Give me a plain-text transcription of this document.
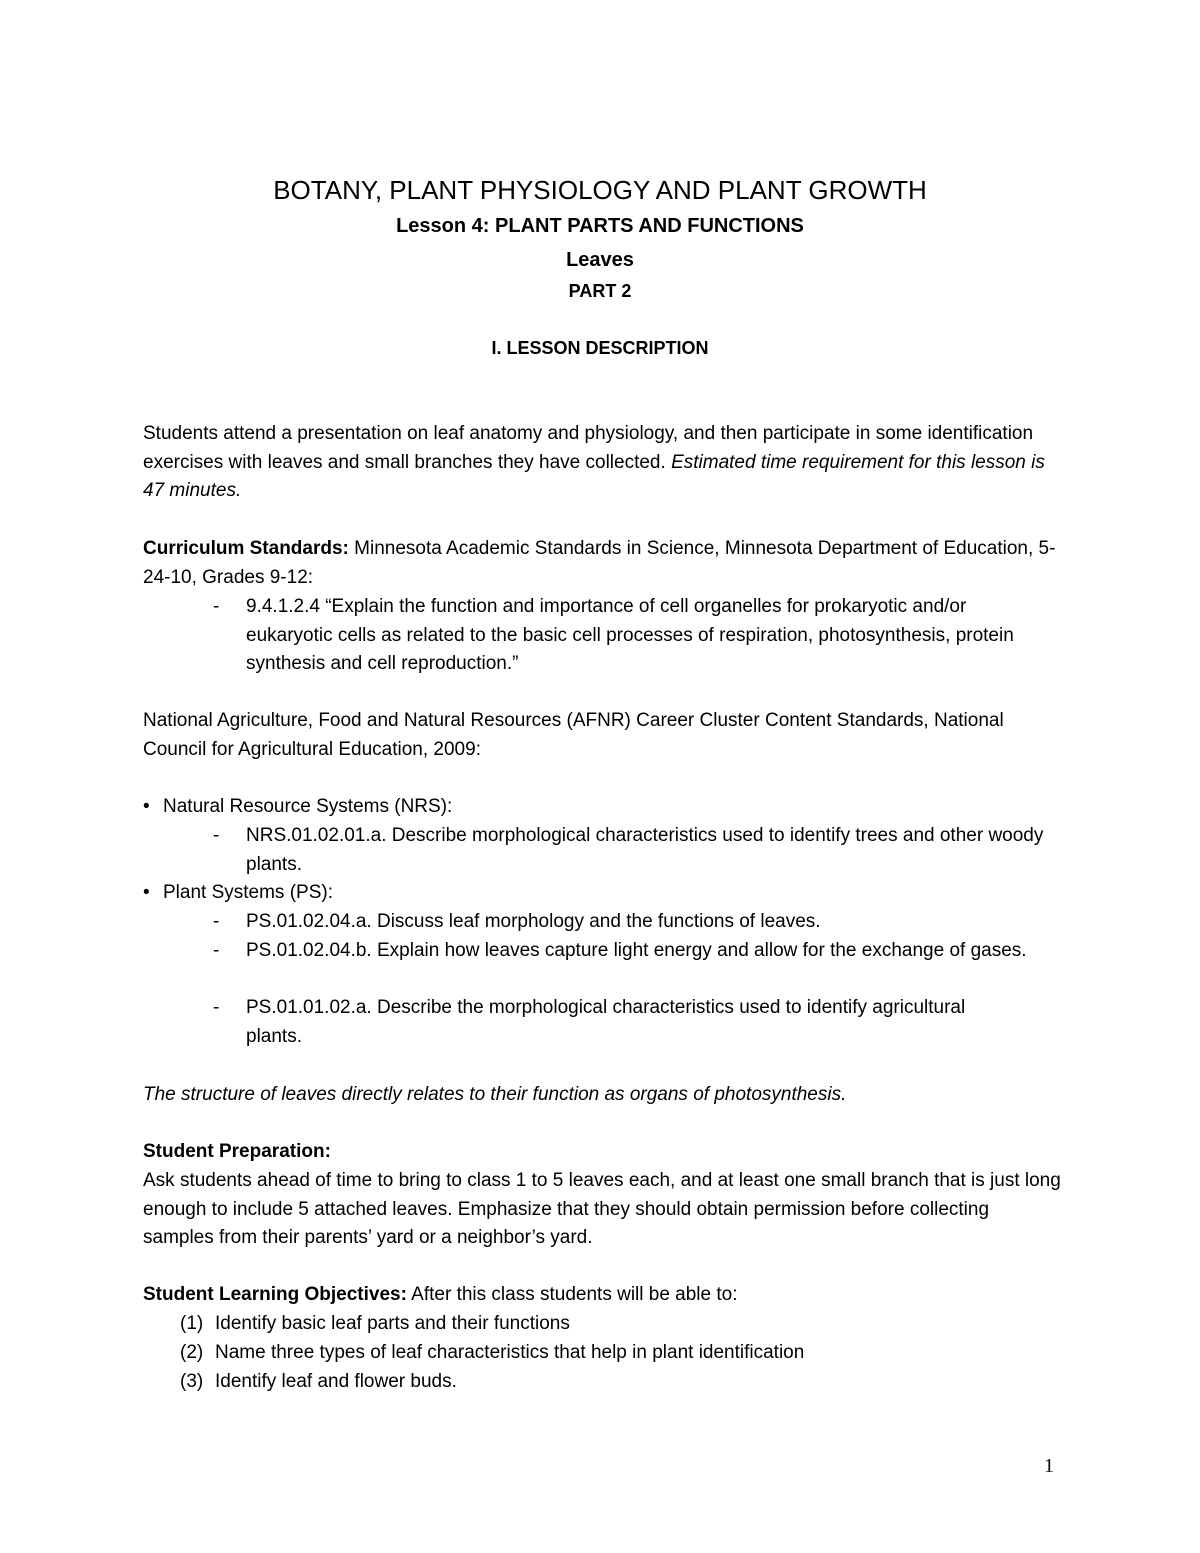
BOTANY, PLANT PHYSIOLOGY AND PLANT GROWTH
Lesson 4: PLANT PARTS AND FUNCTIONS
Leaves
PART 2
I. LESSON DESCRIPTION

Students attend a presentation on leaf anatomy and physiology, and then participate in some identification exercises with leaves and small branches they have collected. Estimated time requirement for this lesson is 47 minutes.

Curriculum Standards: Minnesota Academic Standards in Science, Minnesota Department of Education, 5-24-10, Grades 9-12:

- 9.4.1.2.4 “Explain the function and importance of cell organelles for prokaryotic and/or eukaryotic cells as related to the basic cell processes of respiration, photosynthesis, protein synthesis and cell reproduction.”
National Agriculture, Food and Natural Resources (AFNR) Career Cluster Content Standards, National Council for Agricultural Education, 2009:
• Natural Resource Systems (NRS):
- NRS.01.02.01.a. Describe morphological characteristics used to identify trees and other woody plants.
• Plant Systems (PS):
- PS.01.02.04.a. Discuss leaf morphology and the functions of leaves.
- PS.01.02.04.b. Explain how leaves capture light energy and allow for the exchange of gases.
- PS.01.01.02.a. Describe the morphological characteristics used to identify agricultural plants.
The structure of leaves directly relates to their function as organs of photosynthesis.
Student Preparation:
Ask students ahead of time to bring to class 1 to 5 leaves each, and at least one small branch that is just long enough to include 5 attached leaves. Emphasize that they should obtain permission before collecting samples from their parents’ yard or a neighbor’s yard.

Student Learning Objectives: After this class students will be able to:

(1) Identify basic leaf parts and their functions
(2) Name three types of leaf characteristics that help in plant identification
(3) Identify leaf and flower buds.
1
